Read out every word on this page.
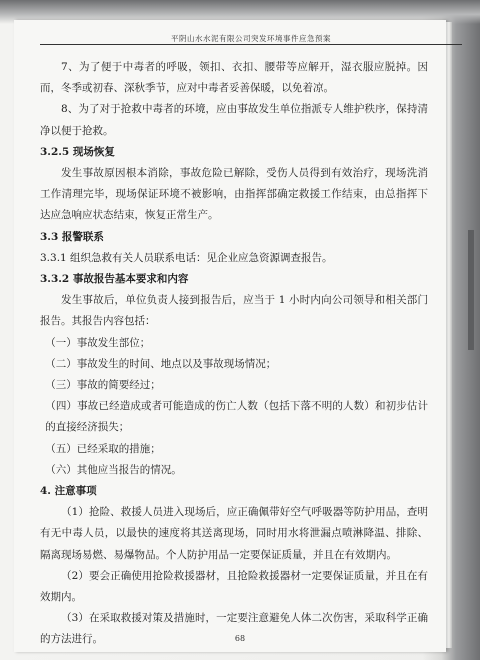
平阴山水水泥有限公司突发环境事件应急预案

7、为了便于中毒者的呼吸，领扣、衣扣、腰带等应解开，湿衣服应脱掉。因而，冬季或初春、深秋季节，应对中毒者妥善保暖，以免着凉。

8、为了对于抢救中毒者的环境，应由事故发生单位指派专人维护秩序，保持清净以便于抢救。

3.2.5 现场恢复

发生事故原因根本消除，事故危险已解除，受伤人员得到有效治疗，现场洗消工作清理完毕，现场保证环境不被影响，由指挥部确定救援工作结束，由总指挥下达应急响应状态结束，恢复正常生产。

3.3 报警联系

3.3.1 组织急救有关人员联系电话：见企业应急资源调查报告。

3.3.2 事故报告基本要求和内容

发生事故后，单位负责人接到报告后，应当于 1 小时内向公司领导和相关部门报告。其报告内容包括：

（一）事故发生部位；

（二）事故发生的时间、地点以及事故现场情况；

（三）事故的简要经过；

（四）事故已经造成或者可能造成的伤亡人数（包括下落不明的人数）和初步估计的直接经济损失；

（五）已经采取的措施；

（六）其他应当报告的情况。

4. 注意事项

（1）抢险、救援人员进入现场后，应正确佩带好空气呼吸器等防护用品，查明有无中毒人员，以最快的速度将其送离现场，同时用水将泄漏点喷淋降温、排除、隔离现场易燃、易爆物品。个人防护用品一定要保证质量，并且在有效期内。

（2）要会正确使用抢险救援器材，且抢险救援器材一定要保证质量，并且在有效期内。

（3）在采取救援对策及措施时，一定要注意避免人体二次伤害，采取科学正确的方法进行。	68
